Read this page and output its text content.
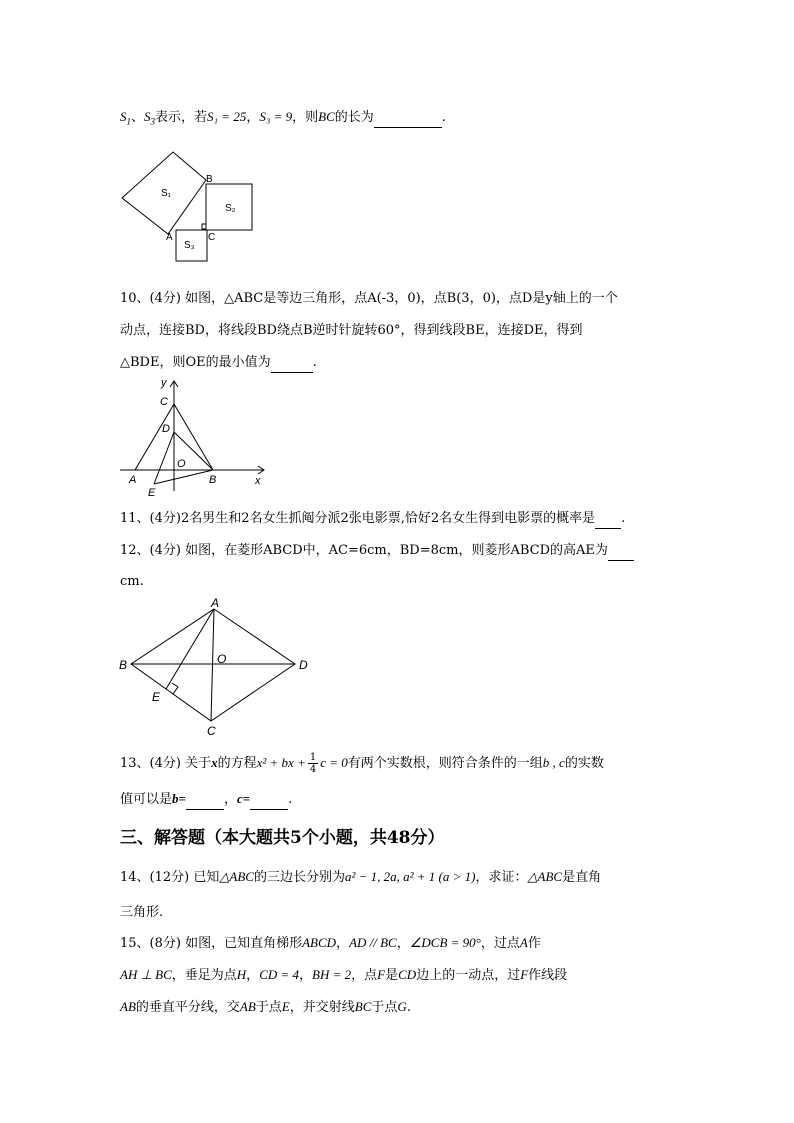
$S_1$、$S_3$表示，若S₁ = 25，S₃ = 9，则BC的长为	.
S₁
S₂
S₃
B
C
A
10、(4分) 如图，△ABC是等边三角形，点A(-3，0)，点B(3，0)，点D是y轴上的一个
动点，连接BD，将线段BD绕点B逆时针旋转60°，得到线段BE，连接DE，得到
△BDE，则OE的最小值为	.
y
x
C
D
O
A	B
E
11、(4分)2名男生和2名女生抓阄分派2张电影票,恰好2名女生得到电影票的概率是 .
12、(4分) 如图，在菱形ABCD中，AC=6cm，BD=8cm，则菱形ABCD的高AE为
cm.
A
B	D
C
E
O
13、(4分) 关于x的方程x² + bx + $\frac{1}{4}$ c = 0有两个实数根，则符合条件的一组b , c的实数
值可以是b=	，c=	.
三、解答题（本大题共5个小题，共48分）
14、(12分) 已知△ABC的三边长分别为a² − 1, 2a, a² + 1 (a > 1)，求证：△ABC是直角
三角形.
15、(8分) 如图，已知直角梯形ABCD，AD // BC，∠DCB = 90°，过点A作
AH ⊥ BC，垂足为点H，CD = 4，BH = 2，点F是CD边上的一动点，过F作线段
AB的垂直平分线，交AB于点E，并交射线BC于点G.
